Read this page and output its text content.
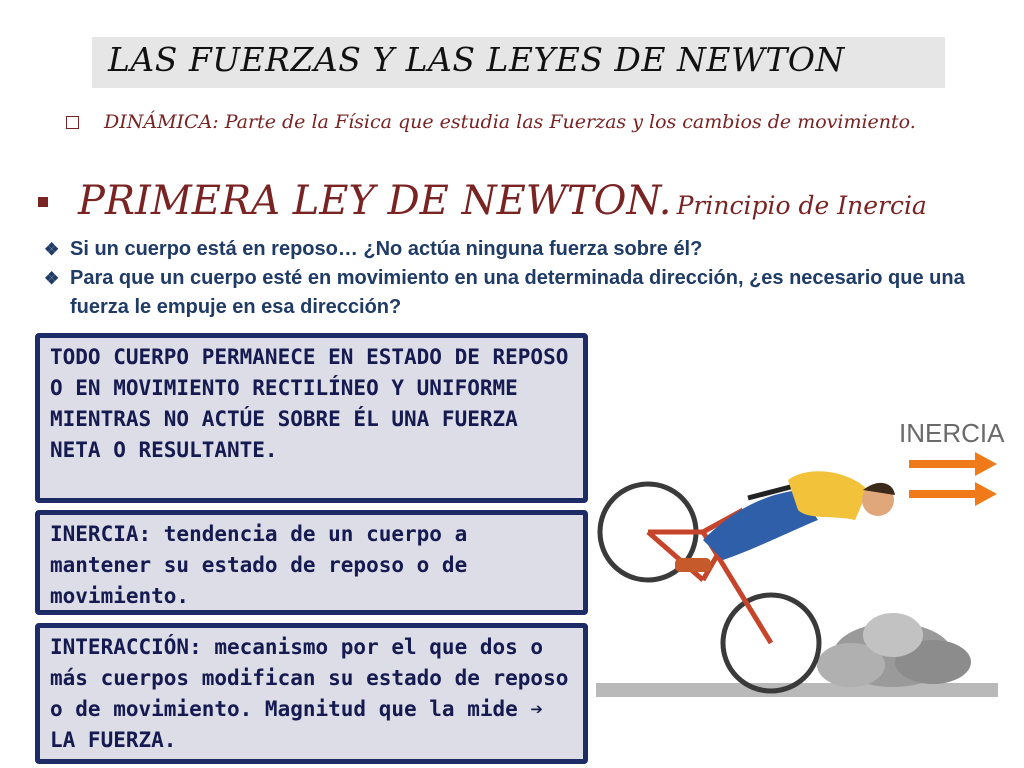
LAS FUERZAS Y LAS LEYES DE NEWTON
DINÁMICA: Parte de la Física que estudia las Fuerzas y los cambios de movimiento.
PRIMERA LEY DE NEWTON. Principio de Inercia
❖ Si un cuerpo está en reposo… ¿No actúa ninguna fuerza sobre él?
❖ Para que un cuerpo esté en movimiento en una determinada dirección, ¿es necesario que una fuerza le empuje en esa dirección?
TODO CUERPO PERMANECE EN ESTADO DE REPOSO O EN MOVIMIENTO RECTILÍNEO Y UNIFORME MIENTRAS NO ACTÚE SOBRE ÉL UNA FUERZA NETA O RESULTANTE.
INERCIA: tendencia de un cuerpo a mantener su estado de reposo o de movimiento.
INTERACCIÓN: mecanismo por el que dos o más cuerpos modifican su estado de reposo o de movimiento. Magnitud que la mide ➔ LA FUERZA.
INERCIA
